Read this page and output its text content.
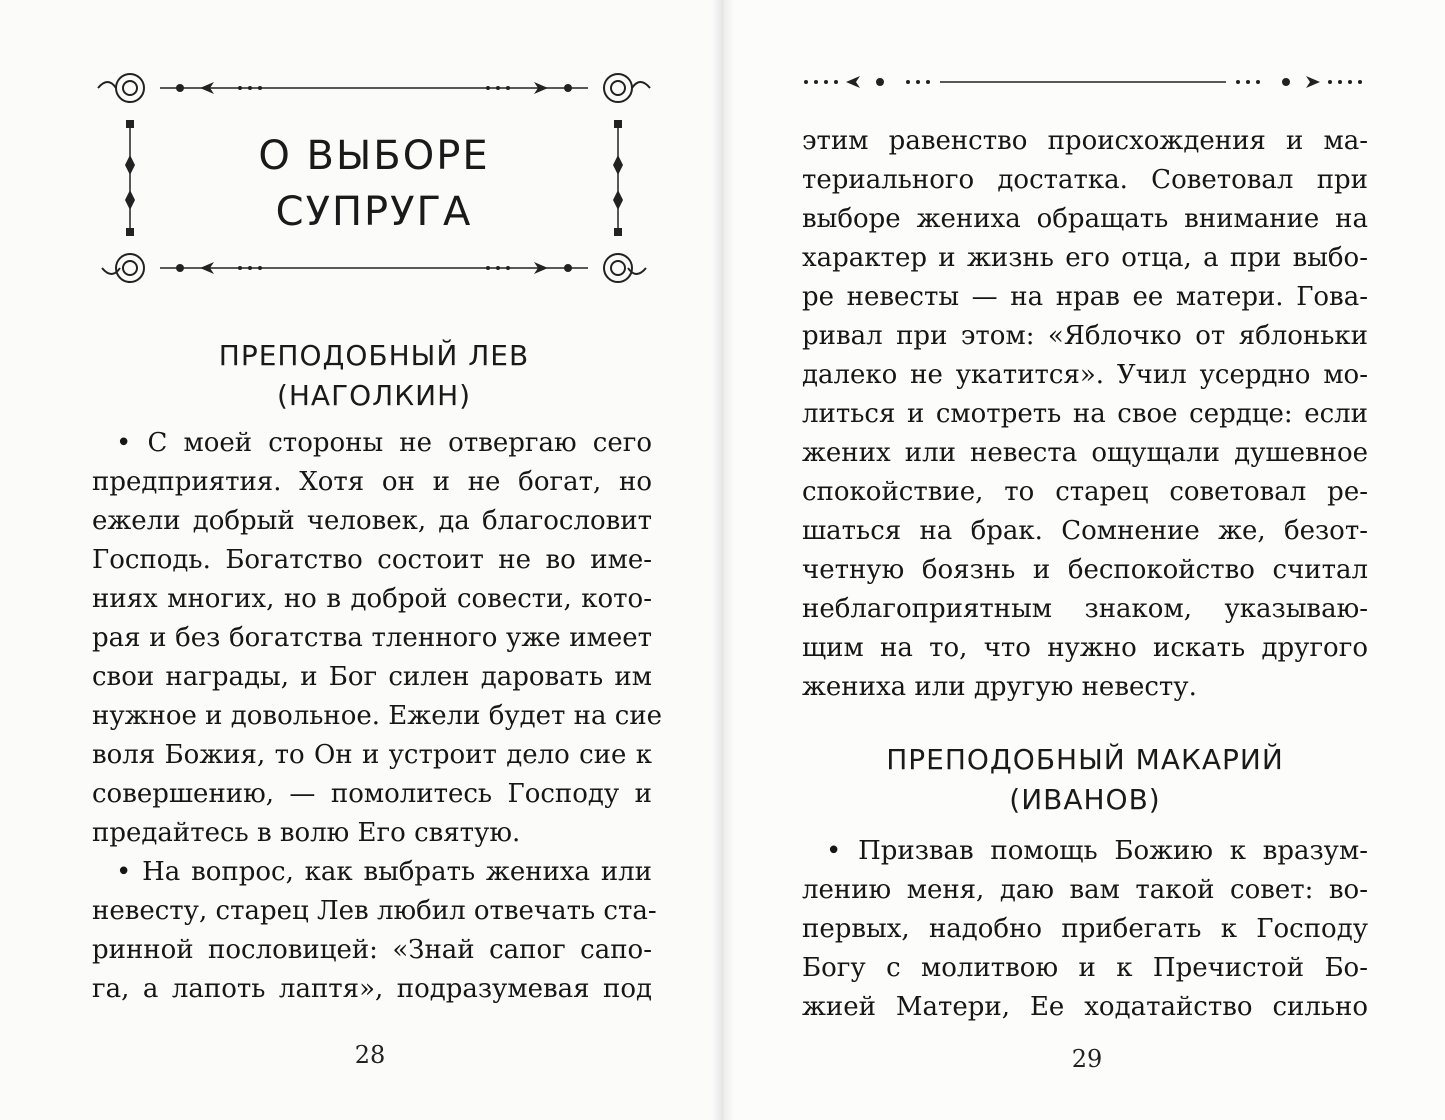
О ВЫБОРЕ
СУПРУГА
ПРЕПОДОБНЫЙ ЛЕВ
(НАГОЛКИН)
• С моей стороны не отвергаю сего
предприятия. Хотя он и не богат, но
ежели добрый человек, да благословит
Господь. Богатство состоит не во име-
ниях многих, но в доброй совести, кото-
рая и без богатства тленного уже имеет
свои награды, и Бог силен даровать им
нужное и довольное. Ежели будет на сие
воля Божия, то Он и устроит дело сие к
совершению, — помолитесь Господу и
предайтесь в волю Его святую.
• На вопрос, как выбрать жениха или
невесту, старец Лев любил отвечать ста-
ринной пословицей: «Знай сапог сапо-
га, а лапоть лаптя», подразумевая под
28
этим равенство происхождения и ма-
териального достатка. Советовал при
выборе жениха обращать внимание на
характер и жизнь его отца, а при выбо-
ре невесты — на нрав ее матери. Гова-
ривал при этом: «Яблочко от яблоньки
далеко не укатится». Учил усердно мо-
литься и смотреть на свое сердце: если
жених или невеста ощущали душевное
спокойствие, то старец советовал ре-
шаться на брак. Сомнение же, безот-
четную боязнь и беспокойство считал
неблагоприятным знаком, указываю-
щим на то, что нужно искать другого
жениха или другую невесту.
ПРЕПОДОБНЫЙ МАКАРИЙ
(ИВАНОВ)
• Призвав помощь Божию к вразум-
лению меня, даю вам такой совет: во-
первых, надобно прибегать к Господу
Богу с молитвою и к Пречистой Бо-
жией Матери, Ее ходатайство сильно
29
